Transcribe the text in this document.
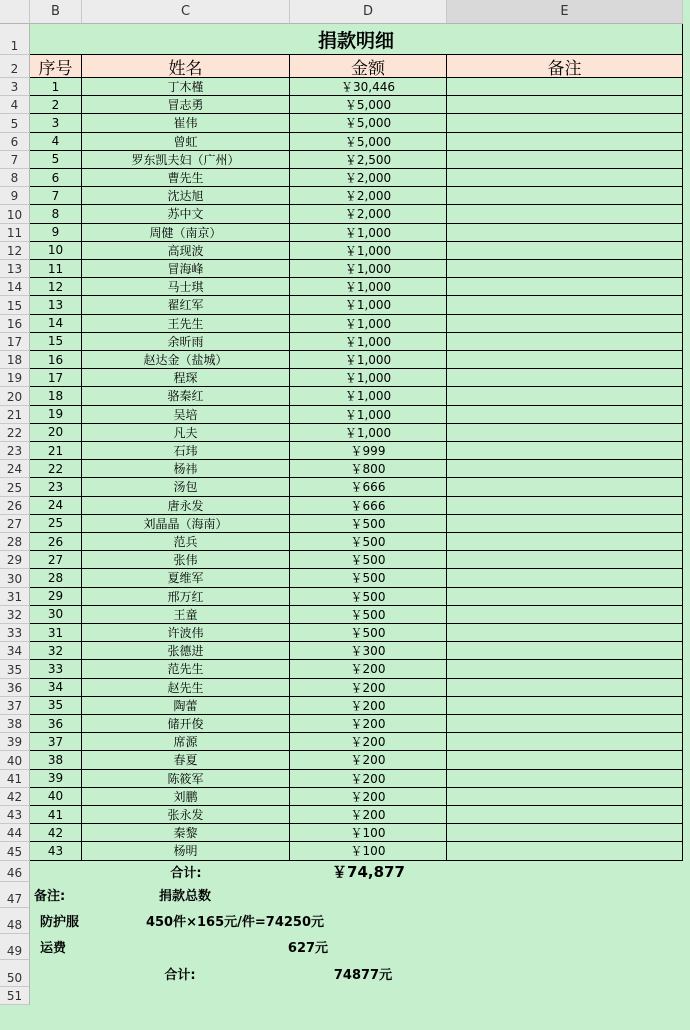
B	C	D	E
1
2
3
4
5
6
7
8
9
10
11
12
13
14
15
16
17
18
19
20
21
22
23
24
25
26
27
28
29
30
31
32
33
34
35
36
37
38
39
40
41
42
43
44
45
46
47
48
49
50
51
捐款明细
序号	姓名	金额	备注
1	丁木槿	￥30,446
2	冒志勇	￥5,000
3	崔伟	￥5,000
4	曾虹	￥5,000
5	罗东凯夫妇（广州）	￥2,500
6	曹先生	￥2,000
7	沈达旭	￥2,000
8	苏中文	￥2,000
9	周健（南京）	￥1,000
10	高现波	￥1,000
11	冒海峰	￥1,000
12	马士琪	￥1,000
13	翟红军	￥1,000
14	王先生	￥1,000
15	余昕雨	￥1,000
16	赵达金（盐城）	￥1,000
17	程琛	￥1,000
18	骆秦红	￥1,000
19	吴培	￥1,000
20	凡夫	￥1,000
21	石玮	￥999
22	杨祎	￥800
23	汤包	￥666
24	唐永发	￥666
25	刘晶晶（海南）	￥500
26	范兵	￥500
27	张伟	￥500
28	夏维军	￥500
29	邢万红	￥500
30	王童	￥500
31	许波伟	￥500
32	张德进	￥300
33	范先生	￥200
34	赵先生	￥200
35	陶蕾	￥200
36	储开俊	￥200
37	席源	￥200
38	春夏	￥200
39	陈筱军	￥200
40	刘鹏	￥200
41	张永发	￥200
42	秦黎	￥100
43	杨明	￥100
合计:	￥74,877
备注:	捐款总数
防护服	450件×165元/件=74250元
运费	627元
合计:	74877元
